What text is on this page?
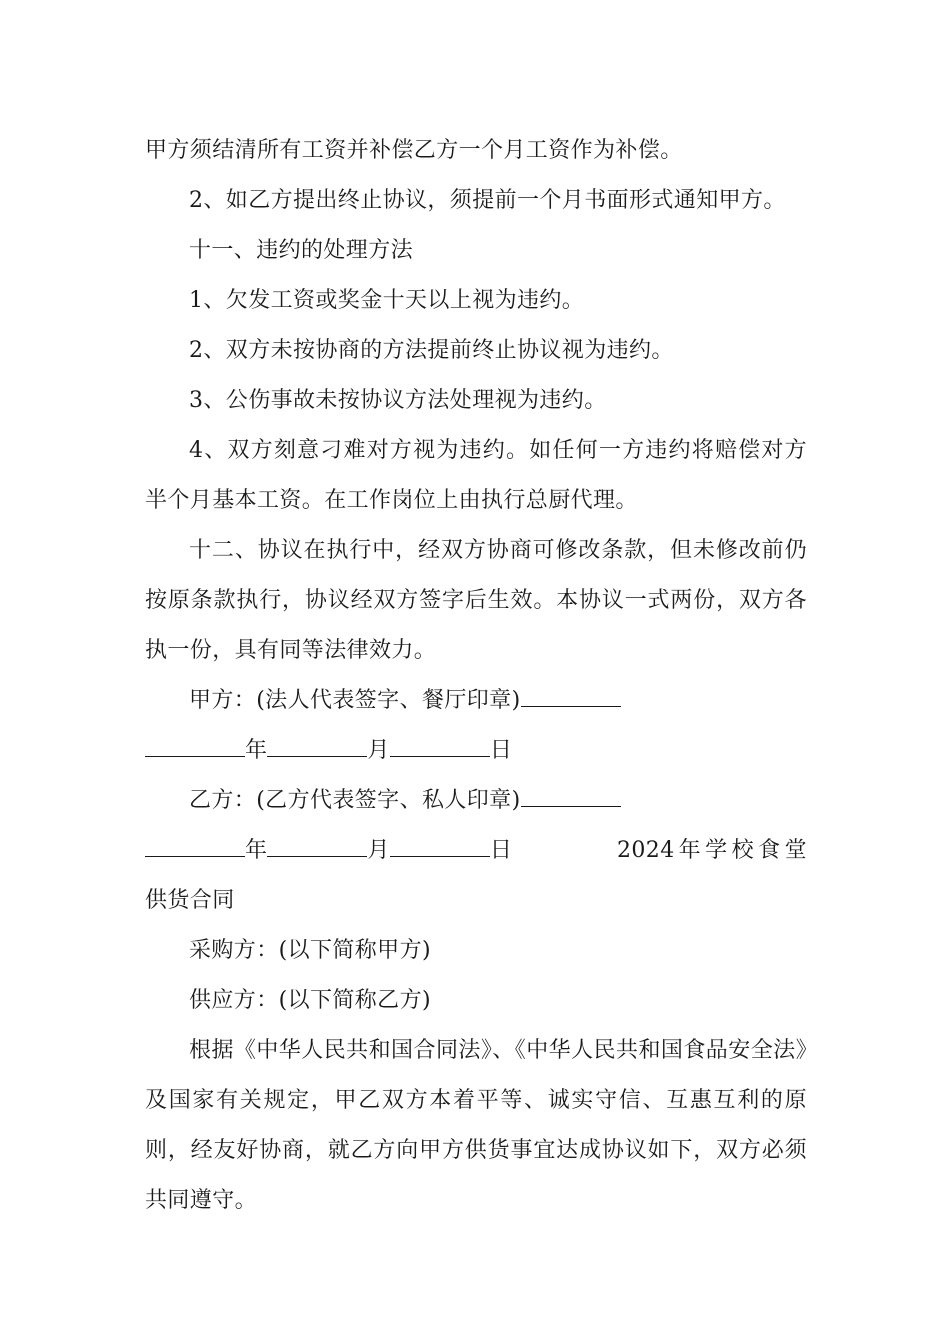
甲方须结清所有工资并补偿乙方一个月工资作为补偿。

2、如乙方提出终止协议，须提前一个月书面形式通知甲方。

十一、违约的处理方法

1、欠发工资或奖金十天以上视为违约。

2、双方未按协商的方法提前终止协议视为违约。

3、公伤事故未按协议方法处理视为违约。

4、双方刻意刁难对方视为违约。如任何一方违约将赔偿对方半个月基本工资。在工作岗位上由执行总厨代理。

十二、协议在执行中，经双方协商可修改条款，但未修改前仍按原条款执行，协议经双方签字后生效。本协议一式两份，双方各执一份，具有同等法律效力。

甲方：(法人代表签字、餐厅印章)

年	月	日

乙方：(乙方代表签字、私人印章)

年	月	日	2024年学校食堂供货合同

采购方：(以下简称甲方)

供应方：(以下简称乙方)

根据《中华人民共和国合同法》、《中华人民共和国食品安全法》及国家有关规定，甲乙双方本着平等、诚实守信、互惠互利的原则，经友好协商，就乙方向甲方供货事宜达成协议如下，双方必须共同遵守。
